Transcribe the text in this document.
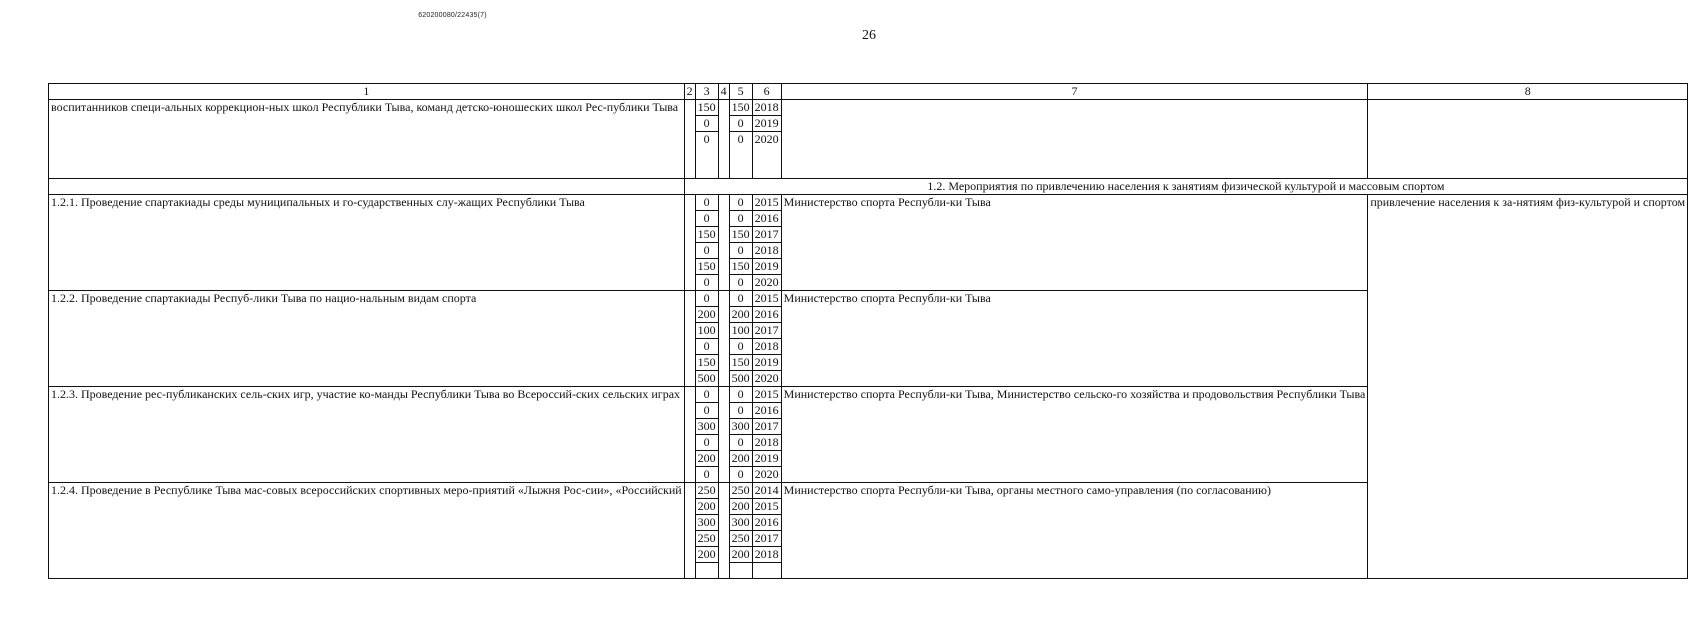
620200080/22435(7)
26
1	2	3	4	5	6	7	8
воспитанников специ-альных коррекцион-ных школ Республики Тыва, команд детско-юношеских школ Рес-публики Тыва		150		150	2018		
		0		0	2019		
		0		0	2020		
	1.2. Мероприятия по привлечению населения к занятиям физической культурой и массовым спортом						
1.2.1. Проведение спартакиады среды муниципальных и го-сударственных слу-жащих Республики Тыва		0		0	2015	Министерство спорта Республи-ки Тыва	привлечение населения к за-нятиям физ-культурой и спортом
		0		0	2016		
		150		150	2017		
		0		0	2018		
		150		150	2019		
		0		0	2020		
1.2.2. Проведение спартакиады Респуб-лики Тыва по нацио-нальным видам спорта		0		0	2015	Министерство спорта Республи-ки Тыва	
		200		200	2016		
		100		100	2017		
		0		0	2018		
		150		150	2019		
		500		500	2020		
1.2.3. Проведение рес-публиканских сель-ских игр, участие ко-манды Республики Тыва во Всероссий-ских сельских играх		0		0	2015	Министерство спорта Республи-ки Тыва, Министерство сельско-го хозяйства и продовольствия Республики Тыва	
		0		0	2016		
		300		300	2017		
		0		0	2018		
		200		200	2019		
		0		0	2020		
1.2.4. Проведение в Республике Тыва мас-совых всероссийских спортивных меро-приятий «Лыжня Рос-сии», «Российский		250		250	2014	Министерство спорта Республи-ки Тыва, органы местного само-управления (по согласованию)	
		200		200	2015		
		300		300	2016		
		250		250	2017		
		200		200	2018		
